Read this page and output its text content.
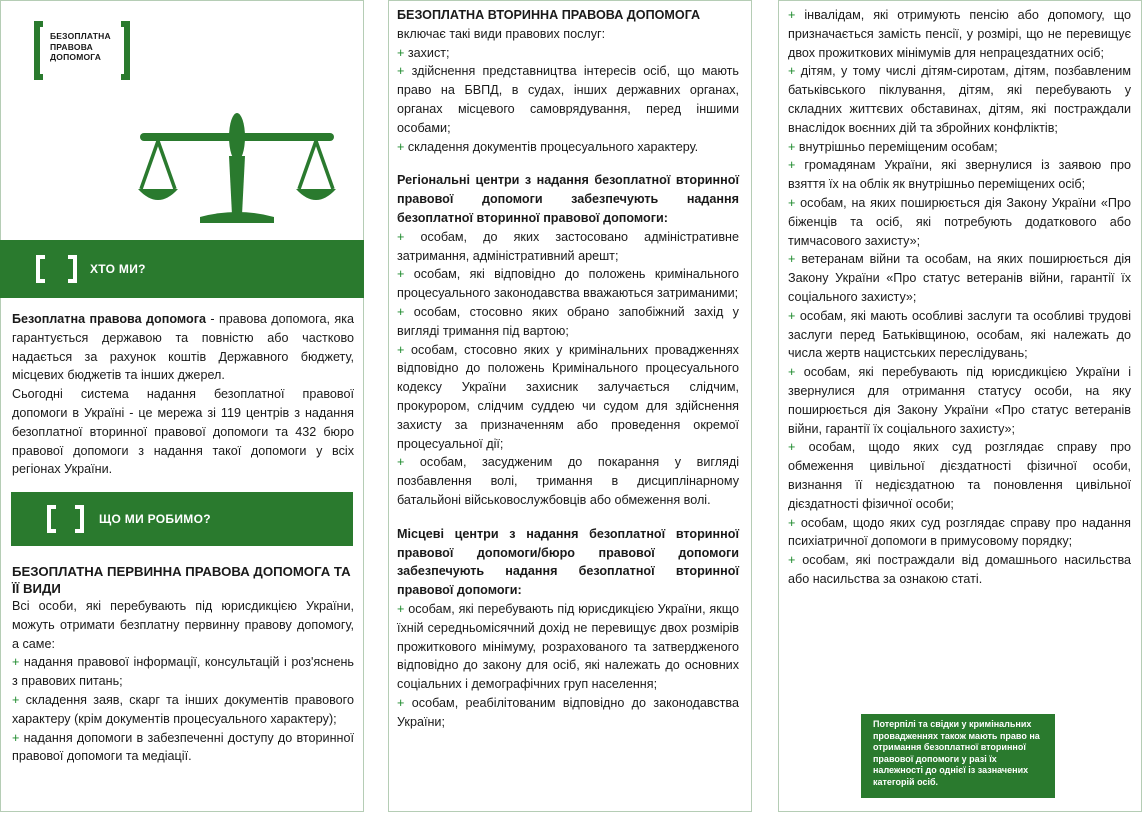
БЕЗОПЛАТНА
ПРАВОВА
ДОПОМОГА
ХТО МИ?

Безоплатна правова допомога - правова допомога, яка гарантується державою та повністю або частково надається за рахунок коштів Державного бюджету, місцевих бюджетів та інших джерел.

Сьогодні система надання безоплатної правової допомоги в Україні - це мережа зі 119 центрів з надання безоплатної вторинної правової допомоги та 432 бюро правової допомоги з надання такої допомоги у всіх регіонах України.

ЩО МИ РОБИМО?
БЕЗОПЛАТНА ПЕРВИННА ПРАВОВА ДОПОМОГА ТА ЇЇ ВИДИ

Всі особи, які перебувають під юрисдикцією України, можуть отримати безплатну первинну правову допомогу, а саме:

+ надання правової інформації, консультацій і роз'яснень з правових питань;

+ складення заяв, скарг та інших документів правового характеру (крім документів процесуального характеру);

+ надання допомоги в забезпеченні доступу до вторинної правової допомоги та медіації.

БЕЗОПЛАТНА ВТОРИННА ПРАВОВА ДОПОМОГА

включає такі види правових послуг:

+ захист;

+ здійснення представництва інтересів осіб, що мають право на БВПД, в судах, інших державних органах, органах місцевого самоврядування, перед іншими особами;

+ складення документів процесуального характеру.

Регіональні центри з надання безоплатної вторинної правової допомоги забезпечують надання безоплатної вторинної правової допомоги:

+ особам, до яких застосовано адміністративне затримання, адміністративний арешт;

+ особам, які відповідно до положень кримінального процесуального законодавства вважаються затриманими;

+ особам, стосовно яких обрано запобіжний захід у вигляді тримання під вартою;

+ особам, стосовно яких у кримінальних провадженнях відповідно до положень Кримінального процесуального кодексу України захисник залучається слідчим, прокурором, слідчим суддею чи судом для здійснення захисту за призначенням або проведення окремої процесуальної дії;

+ особам, засудженим до покарання у вигляді позбавлення волі, тримання в дисциплінарному батальйоні військовослужбовців або обмеження волі.

Місцеві центри з надання безоплатної вторинної правової допомоги/бюро правової допомоги забезпечують надання безоплатної вторинної правової допомоги:

+ особам, які перебувають під юрисдикцією України, якщо їхній середньомісячний дохід не перевищує двох розмірів прожиткового мінімуму, розрахованого та затвердженого відповідно до закону для осіб, які належать до основних соціальних і демографічних груп населення;

+ особам, реабілітованим відповідно до законодавства України;

+ інвалідам, які отримують пенсію або допомогу, що призначається замість пенсії, у розмірі, що не перевищує двох прожиткових мінімумів для непрацездатних осіб;

+ дітям, у тому числі дітям-сиротам, дітям, позбавленим батьківського піклування, дітям, які перебувають у складних життєвих обставинах, дітям, які постраждали внаслідок воєнних дій та збройних конфліктів;

+ внутрішньо переміщеним особам;

+ громадянам України, які звернулися із заявою про взяття їх на облік як внутрішньо переміщених осіб;

+ особам, на яких поширюється дія Закону України «Про біженців та осіб, які потребують додаткового або тимчасового захисту»;

+ ветеранам війни та особам, на яких поширюється дія Закону України «Про статус ветеранів війни, гарантії їх соціального захисту»;

+ особам, які мають особливі заслуги та особливі трудові заслуги перед Батьківщиною, особам, які належать до числа жертв нацистських переслідувань;

+ особам, які перебувають під юрисдикцією України і звернулися для отримання статусу особи, на яку поширюється дія Закону України «Про статус ветеранів війни, гарантії їх соціального захисту»;

+ особам, щодо яких суд розглядає справу про обмеження цивільної дієздатності фізичної особи, визнання її недієздатною та поновлення цивільної дієздатності фізичної особи;

+ особам, щодо яких суд розглядає справу про надання психіатричної допомоги в примусовому порядку;

+ особам, які постраждали від домашнього насильства або насильства за ознакою статі.

Потерпілі та свідки у кримінальних провадженнях також мають право на отримання безоплатної вторинної правової допомоги у разі їх належності до однієї із зазначених категорій осіб.
